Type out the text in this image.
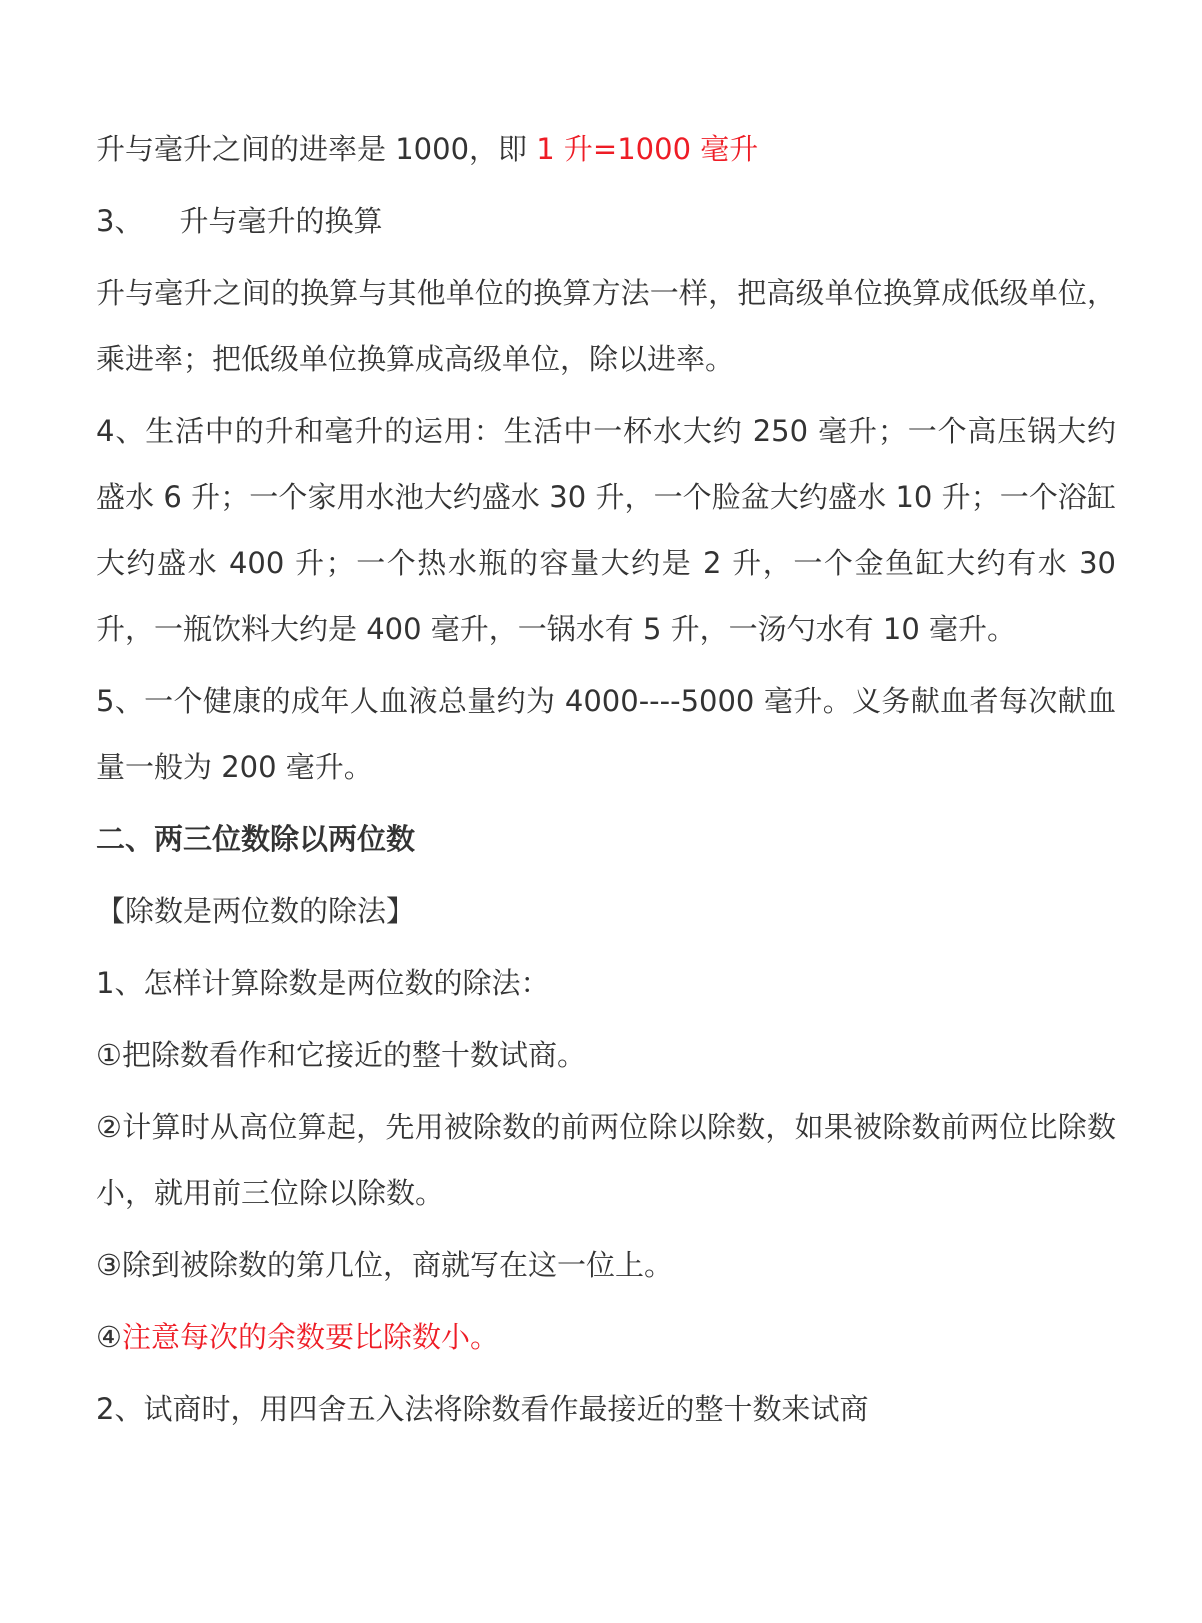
升与毫升之间的进率是 1000，即 1 升=1000 毫升

3、 升与毫升的换算

升与毫升之间的换算与其他单位的换算方法一样，把高级单位换算成低级单位，乘进率；把低级单位换算成高级单位，除以进率。

4、生活中的升和毫升的运用：生活中一杯水大约 250 毫升；一个高压锅大约盛水 6 升；一个家用水池大约盛水 30 升，一个脸盆大约盛水 10 升；一个浴缸大约盛水 400 升；一个热水瓶的容量大约是 2 升，一个金鱼缸大约有水 30 升，一瓶饮料大约是 400 毫升，一锅水有 5 升，一汤勺水有 10 毫升。

5、一个健康的成年人血液总量约为 4000----5000 毫升。义务献血者每次献血量一般为 200 毫升。

二、两三位数除以两位数

【除数是两位数的除法】

1、怎样计算除数是两位数的除法：

①把除数看作和它接近的整十数试商。

②计算时从高位算起，先用被除数的前两位除以除数，如果被除数前两位比除数小，就用前三位除以除数。

③除到被除数的第几位，商就写在这一位上。

④注意每次的余数要比除数小。

2、试商时，用四舍五入法将除数看作最接近的整十数来试商
